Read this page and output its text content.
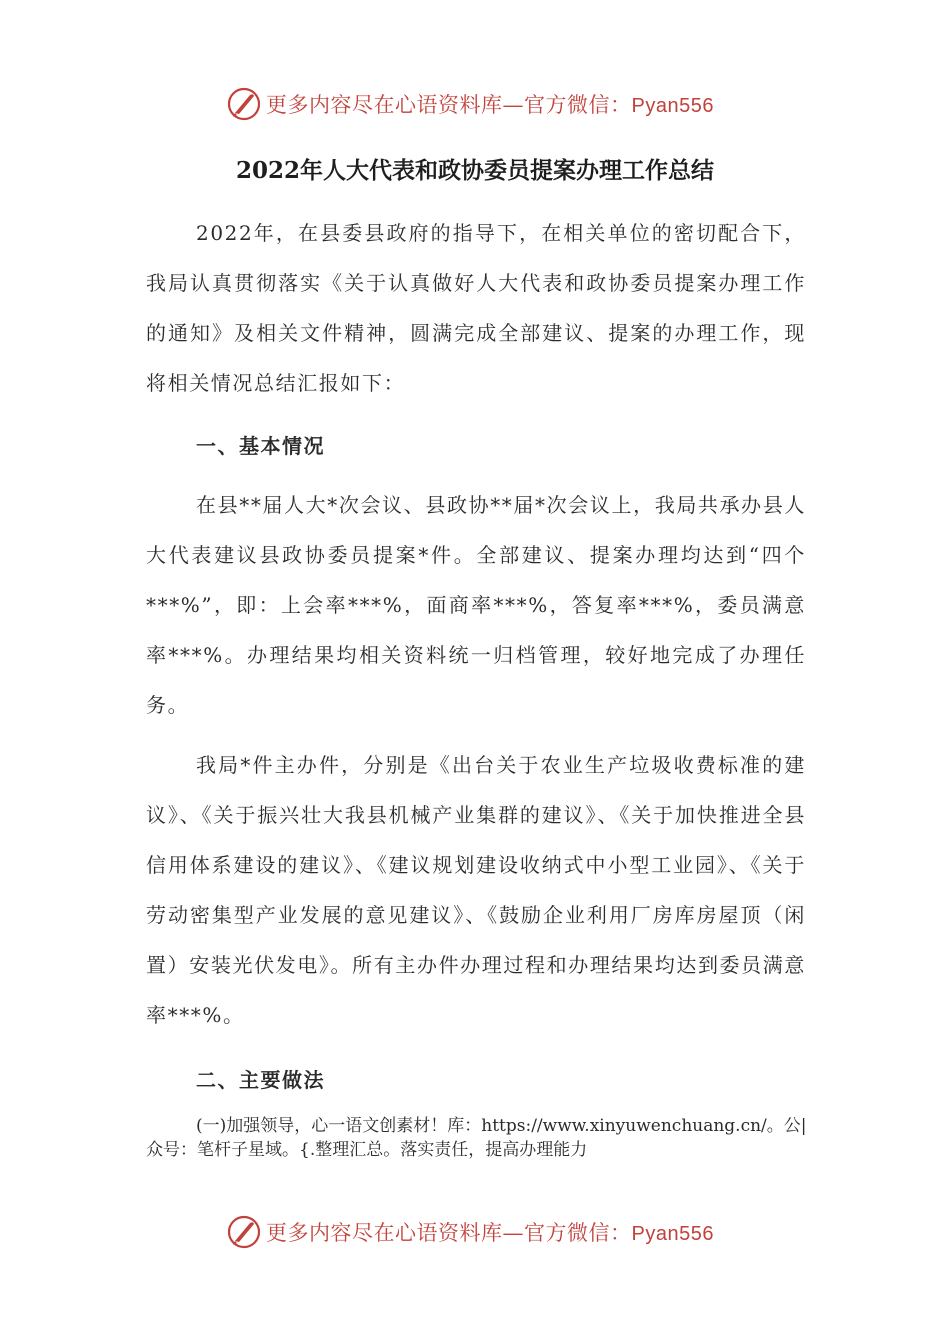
更多内容尽在心语资料库—官方微信：Pyan556
2022年人大代表和政协委员提案办理工作总结

2022年，在县委县政府的指导下，在相关单位的密切配合下，我局认真贯彻落实《关于认真做好人大代表和政协委员提案办理工作的通知》及相关文件精神，圆满完成全部建议、提案的办理工作，现将相关情况总结汇报如下：

一、基本情况

在县**届人大*次会议、县政协**届*次会议上，我局共承办县人大代表建议县政协委员提案*件。全部建议、提案办理均达到“四个***%”，即：上会率***%，面商率***%，答复率***%，委员满意率***%。办理结果均相关资料统一归档管理，较好地完成了办理任务。

我局*件主办件，分别是《出台关于农业生产垃圾收费标准的建议》、《关于振兴壮大我县机械产业集群的建议》、《关于加快推进全县信用体系建设的建议》、《建议规划建设收纳式中小型工业园》、《关于劳动密集型产业发展的意见建议》、《鼓励企业利用厂房库房屋顶（闲置）安装光伏发电》。所有主办件办理过程和办理结果均达到委员满意率***%。

二、主要做法

(一)加强领导，心一语文创素材！库：https://www.xinyuwenchuang.cn/。公|众号：笔杆子星域。{.整理汇总。落实责任，提高办理能力

更多内容尽在心语资料库—官方微信：Pyan556
